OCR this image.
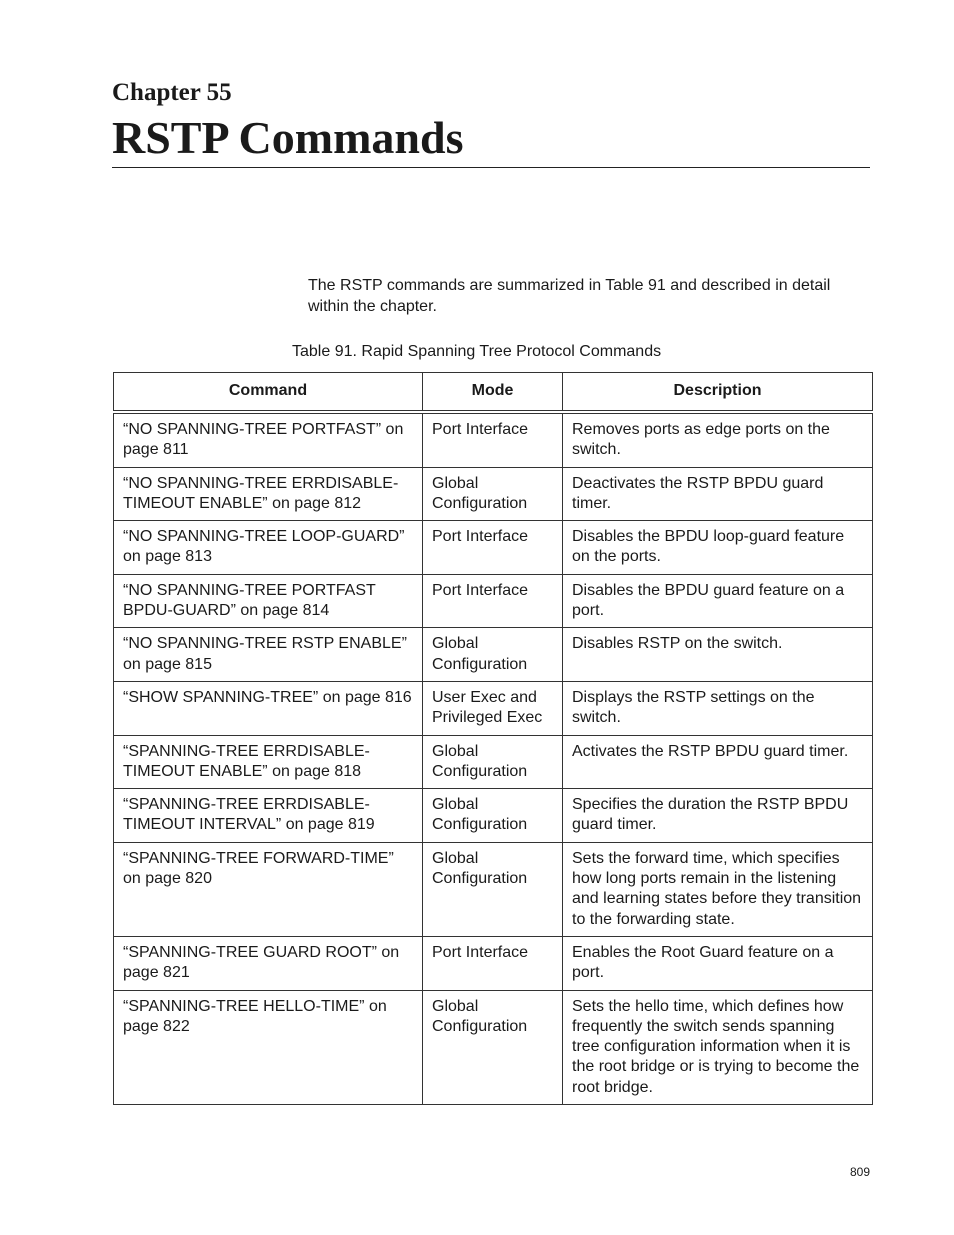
Chapter 55
RSTP Commands

The RSTP commands are summarized in Table 91 and described in detail within the chapter.

Table 91. Rapid Spanning Tree Protocol Commands

Command	Mode	Description
“NO SPANNING-TREE PORTFAST” on page 811	Port Interface	Removes ports as edge ports on the switch.
“NO SPANNING-TREE ERRDISABLE-TIMEOUT ENABLE” on page 812	Global Configuration	Deactivates the RSTP BPDU guard timer.
“NO SPANNING-TREE LOOP-GUARD” on page 813	Port Interface	Disables the BPDU loop-guard feature on the ports.
“NO SPANNING-TREE PORTFAST BPDU-GUARD” on page 814	Port Interface	Disables the BPDU guard feature on a port.
“NO SPANNING-TREE RSTP ENABLE” on page 815	Global Configuration	Disables RSTP on the switch.
“SHOW SPANNING-TREE” on page 816	User Exec and Privileged Exec	Displays the RSTP settings on the switch.
“SPANNING-TREE ERRDISABLE-TIMEOUT ENABLE” on page 818	Global Configuration	Activates the RSTP BPDU guard timer.
“SPANNING-TREE ERRDISABLE-TIMEOUT INTERVAL” on page 819	Global Configuration	Specifies the duration the RSTP BPDU guard timer.
“SPANNING-TREE FORWARD-TIME” on page 820	Global Configuration	Sets the forward time, which specifies how long ports remain in the listening and learning states before they transition to the forwarding state.
“SPANNING-TREE GUARD ROOT” on page 821	Port Interface	Enables the Root Guard feature on a port.
“SPANNING-TREE HELLO-TIME” on page 822	Global Configuration	Sets the hello time, which defines how frequently the switch sends spanning tree configuration information when it is the root bridge or is trying to become the root bridge.

809
